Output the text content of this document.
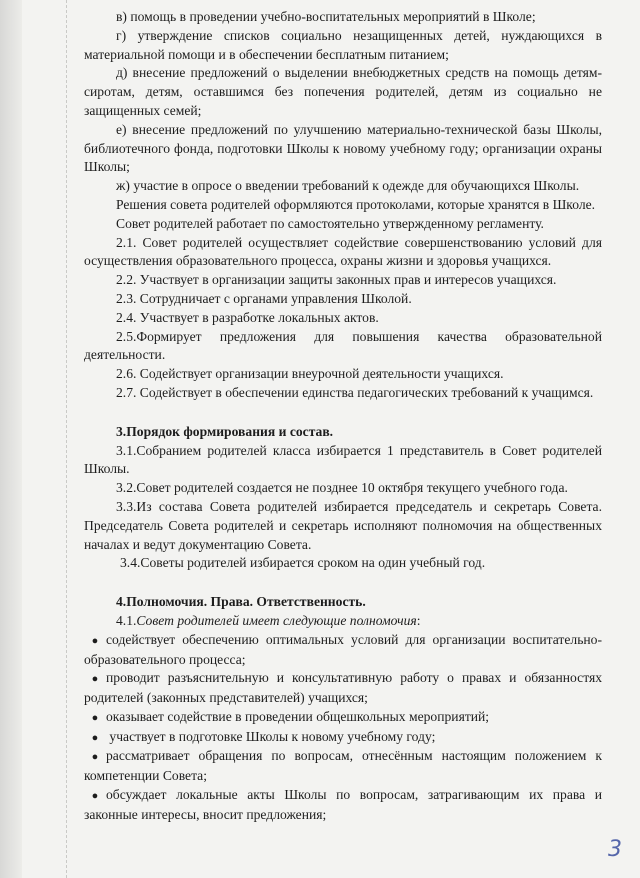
в) помощь в проведении учебно-воспитательных мероприятий в Школе;

г) утверждение списков социально незащищенных детей, нуждающихся в материальной помощи и в обеспечении бесплатным питанием;

д) внесение предложений о выделении внебюджетных средств на помощь детям-сиротам, детям, оставшимся без попечения родителей, детям из социально не защищенных семей;

е) внесение предложений по улучшению материально-технической базы Школы, библиотечного фонда, подготовки Школы к новому учебному году; организации охраны Школы;

ж) участие в опросе о введении требований к одежде для обучающихся Школы.

Решения совета родителей оформляются протоколами, которые хранятся в Школе.

Совет родителей работает по самостоятельно утвержденному регламенту.

2.1. Совет родителей осуществляет содействие совершенствованию условий для осуществления образовательного процесса, охраны жизни и здоровья учащихся.

2.2. Участвует в организации защиты законных прав и интересов учащихся.

2.3. Сотрудничает с органами управления Школой.

2.4. Участвует в разработке локальных актов.

2.5.Формирует предложения для повышения качества образовательной деятельности.

2.6. Содействует организации внеурочной деятельности учащихся.

2.7. Содействует в обеспечении единства педагогических требований к учащимся.

3.Порядок формирования и состав.

3.1.Собранием родителей класса избирается 1 представитель в Совет родителей Школы.

3.2.Совет родителей создается не позднее 10 октября текущего учебного года.

3.3.Из состава Совета родителей избирается председатель и секретарь Совета. Председатель Совета родителей и секретарь исполняют полномочия на общественных началах и ведут документацию Совета.

3.4.Советы родителей избирается сроком на один учебный год.

4.Полномочия. Права. Ответственность.

4.1.Совет родителей имеет следующие полномочия:

● содействует обеспечению оптимальных условий для организации воспитательно-образовательного процесса;

● проводит разъяснительную и консультативную работу о правах и обязанностях родителей (законных представителей) учащихся;

● оказывает содействие в проведении общешкольных мероприятий;

● участвует в подготовке Школы к новому учебному году;

● рассматривает обращения по вопросам, отнесённым настоящим положением к компетенции Совета;

● обсуждает локальные акты Школы по вопросам, затрагивающим их права и законные интересы, вносит предложения;

3
